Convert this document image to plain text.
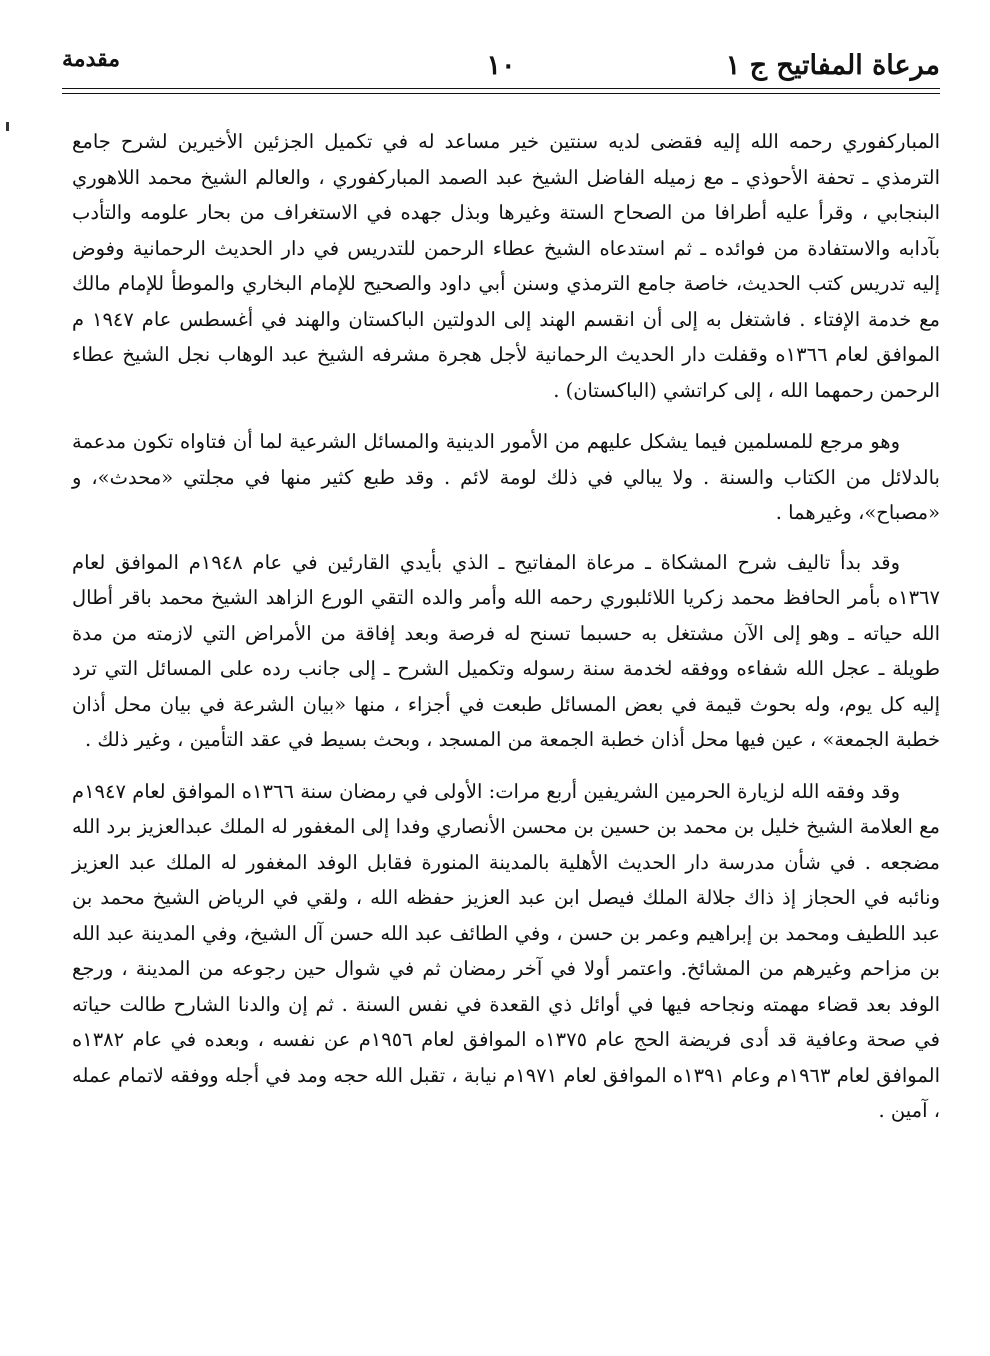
مرعاة المفاتيح ج ١
١٠
مقدمة

المباركفوري رحمه الله إليه فقضى لديه سنتين خير مساعد له في تكميل الجزئين الأخيرين لشرح جامع الترمذي ـ تحفة الأحوذي ـ مع زميله الفاضل الشيخ عبد الصمد المباركفوري ، والعالم الشيخ محمد اللاهوري البنجابي ، وقرأ عليه أطرافا من الصحاح الستة وغيرها وبذل جهده في الاستغراف من بحار علومه والتأدب بآدابه والاستفادة من فوائده ـ ثم استدعاه الشيخ عطاء الرحمن للتدريس في دار الحديث الرحمانية وفوض إليه تدريس كتب الحديث، خاصة جامع الترمذي وسنن أبي داود والصحيح للإمام البخاري والموطأ للإمام مالك مع خدمة الإفتاء . فاشتغل به إلى أن انقسم الهند إلى الدولتين الباكستان والهند في أغسطس عام ١٩٤٧ م الموافق لعام ١٣٦٦ه وقفلت دار الحديث الرحمانية لأجل هجرة مشرفه الشيخ عبد الوهاب نجل الشيخ عطاء الرحمن رحمهما الله ، إلى كراتشي (الباكستان) .

وهو مرجع للمسلمين فيما يشكل عليهم من الأمور الدينية والمسائل الشرعية لما أن فتاواه تكون مدعمة بالدلائل من الكتاب والسنة . ولا يبالي في ذلك لومة لائم . وقد طبع كثير منها في مجلتي «محدث»، و «مصباح»، وغيرهما .

وقد بدأ تاليف شرح المشكاة ـ مرعاة المفاتيح ـ الذي بأيدي القارئين في عام ١٩٤٨م الموافق لعام ١٣٦٧ه بأمر الحافظ محمد زكريا اللائلبوري رحمه الله وأمر والده التقي الورع الزاهد الشيخ محمد باقر أطال الله حياته ـ وهو إلى الآن مشتغل به حسبما تسنح له فرصة وبعد إفاقة من الأمراض التي لازمته من مدة طويلة ـ عجل الله شفاءه ووفقه لخدمة سنة رسوله وتكميل الشرح ـ إلى جانب رده على المسائل التي ترد إليه كل يوم، وله بحوث قيمة في بعض المسائل طبعت في أجزاء ، منها «بيان الشرعة في بيان محل أذان خطبة الجمعة» ، عين فيها محل أذان خطبة الجمعة من المسجد ، وبحث بسيط في عقد التأمين ، وغير ذلك .

وقد وفقه الله لزيارة الحرمين الشريفين أربع مرات: الأولى في رمضان سنة ١٣٦٦ه الموافق لعام ١٩٤٧م مع العلامة الشيخ خليل بن محمد بن حسين بن محسن الأنصاري وفدا إلى المغفور له الملك عبدالعزيز برد الله مضجعه . في شأن مدرسة دار الحديث الأهلية بالمدينة المنورة فقابل الوفد المغفور له الملك عبد العزيز ونائبه في الحجاز إذ ذاك جلالة الملك فيصل ابن عبد العزيز حفظه الله ، ولقي في الرياض الشيخ محمد بن عبد اللطيف ومحمد بن إبراهيم وعمر بن حسن ، وفي الطائف عبد الله حسن آل الشيخ، وفي المدينة عبد الله بن مزاحم وغيرهم من المشائخ. واعتمر أولا في آخر رمضان ثم في شوال حين رجوعه من المدينة ، ورجع الوفد بعد قضاء مهمته ونجاحه فيها في أوائل ذي القعدة في نفس السنة . ثم إن والدنا الشارح طالت حياته في صحة وعافية قد أدى فريضة الحج عام ١٣٧٥ه الموافق لعام ١٩٥٦م عن نفسه ، وبعده في عام ١٣٨٢ه الموافق لعام ١٩٦٣م وعام ١٣٩١ه الموافق لعام ١٩٧١م نيابة ، تقبل الله حجه ومد في أجله ووفقه لاتمام عمله ، آمين .
